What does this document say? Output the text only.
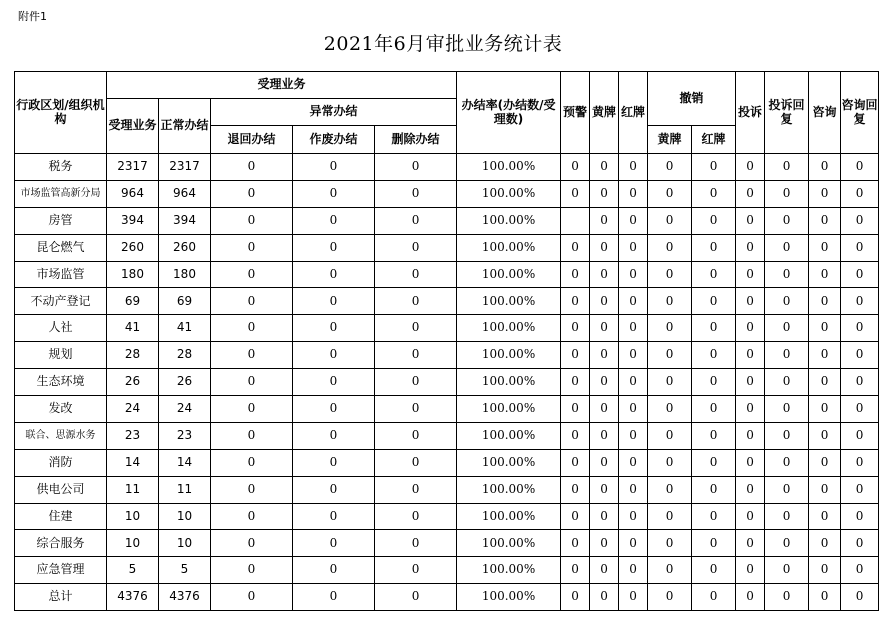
附件1
2021年6月审批业务统计表
行政区划/组织机构	受理业务					办结率(办结数/受理数)	预警	黄牌	红牌	撤销		投诉	投诉回复	咨询	咨询回复
	受理业务	正常办结	异常办结												
			退回办结	作废办结	删除办结					黄牌	红牌				
税务	2317	2317	0	0	0	100.00%	0	0	0	0	0	0	0	0	0
市场监管高新分局	964	964	0	0	0	100.00%	0	0	0	0	0	0	0	0	0
房管	394	394	0	0	0	100.00%		0	0	0	0	0	0	0	0
昆仑燃气	260	260	0	0	0	100.00%	0	0	0	0	0	0	0	0	0
市场监管	180	180	0	0	0	100.00%	0	0	0	0	0	0	0	0	0
不动产登记	69	69	0	0	0	100.00%	0	0	0	0	0	0	0	0	0
人社	41	41	0	0	0	100.00%	0	0	0	0	0	0	0	0	0
规划	28	28	0	0	0	100.00%	0	0	0	0	0	0	0	0	0
生态环境	26	26	0	0	0	100.00%	0	0	0	0	0	0	0	0	0
发改	24	24	0	0	0	100.00%	0	0	0	0	0	0	0	0	0
联合、思源水务	23	23	0	0	0	100.00%	0	0	0	0	0	0	0	0	0
消防	14	14	0	0	0	100.00%	0	0	0	0	0	0	0	0	0
供电公司	11	11	0	0	0	100.00%	0	0	0	0	0	0	0	0	0
住建	10	10	0	0	0	100.00%	0	0	0	0	0	0	0	0	0
综合服务	10	10	0	0	0	100.00%	0	0	0	0	0	0	0	0	0
应急管理	5	5	0	0	0	100.00%	0	0	0	0	0	0	0	0	0
总计	4376	4376	0	0	0	100.00%	0	0	0	0	0	0	0	0	0
